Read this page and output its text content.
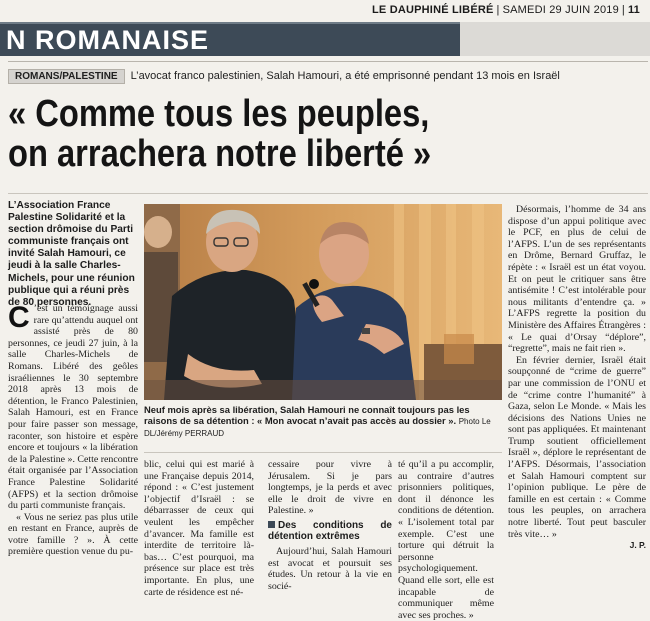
LE DAUPHINÉ LIBÉRÉ | SAMEDI 29 JUIN 2019 | 11
N ROMANAISE
ROMANS/PALESTINE L’avocat franco palestinien, Salah Hamouri, a été emprisonné pendant 13 mois en Israël
« Comme tous les peuples,
on arrachera notre liberté »
L’Association France Palestine Solidarité et la section drômoise du Parti communiste français ont invité Salah Hamouri, ce jeudi à la salle Charles-Michels, pour une réunion publique qui a réuni près de 80 personnes.
C ’est un témoignage aussi rare qu’attendu auquel ont assisté près de 80 personnes, ce jeudi 27 juin, à la salle Charles-Michels de Romans. Libéré des geôles israéliennes le 30 septembre 2018 après 13 mois de détention, le Franco Palestinien, Salah Hamouri, est en France pour faire passer son message, raconter, son histoire et espère encore et toujours « la libération de la Palestine ». Cette rencontre était organisée par l’Association France Palestine Solidarité (AFPS) et la section drômoise du parti communiste français.

« Vous ne seriez pas plus utile en restant en France, auprès de votre famille ? ». À cette première question venue du pu-

Neuf mois après sa libération, Salah Hamouri ne connaît toujours pas les raisons de sa détention : « Mon avocat n’avait pas accès au dossier ». Photo Le DL/Jérémy PERRAUD

blic, celui qui est marié à une Française depuis 2014, répond : « C’est justement l’objectif d’Israël : se débarrasser de ceux qui veulent les empêcher d’avancer. Ma famille est interdite de territoire là-bas… C’est pourquoi, ma présence sur place est très importante. En plus, une carte de résidence est né-

cessaire pour vivre à Jérusalem. Si je pars longtemps, je la perds et avec elle le droit de vivre en Palestine. »

Des conditions de détention extrêmes

Aujourd’hui, Salah Hamouri est avocat et poursuit ses études. Un retour à la vie en socié-

té qu’il a pu accomplir, au contraire d’autres prisonniers politiques, dont il dénonce les conditions de détention. « L’isolement total par exemple. C’est une torture qui détruit la personne psychologiquement. Quand elle sort, elle est incapable de communiquer même avec ses proches. »

Désormais, l’homme de 34 ans dispose d’un appui politique avec le PCF, en plus de celui de l’AFPS. L’un de ses représentants en Drôme, Bernard Gruffaz, le répète : « Israël est un état voyou. Et on peut le critiquer sans être antisémite ! C’est intolérable pour nous militants d’entendre ça. » L’AFPS regrette la position du Ministère des Affaires Étrangères : « Le quai d’Orsay “déplore”, “regrette”, mais ne fait rien ».

En février dernier, Israël était soupçonné de “crime de guerre” par une commission de l’ONU et de “crime contre l’humanité” à Gaza, selon Le Monde. « Mais les décisions des Nations Unies ne sont pas appliquées. Et maintenant Trump soutient officiellement Israël », déplore le représentant de l’AFPS. Désormais, l’association et Salah Hamouri comptent sur l’opinion publique. Le père de famille en est certain : « Comme tous les peuples, on arrachera notre liberté. Tout peut basculer très vite… »

J. P.
